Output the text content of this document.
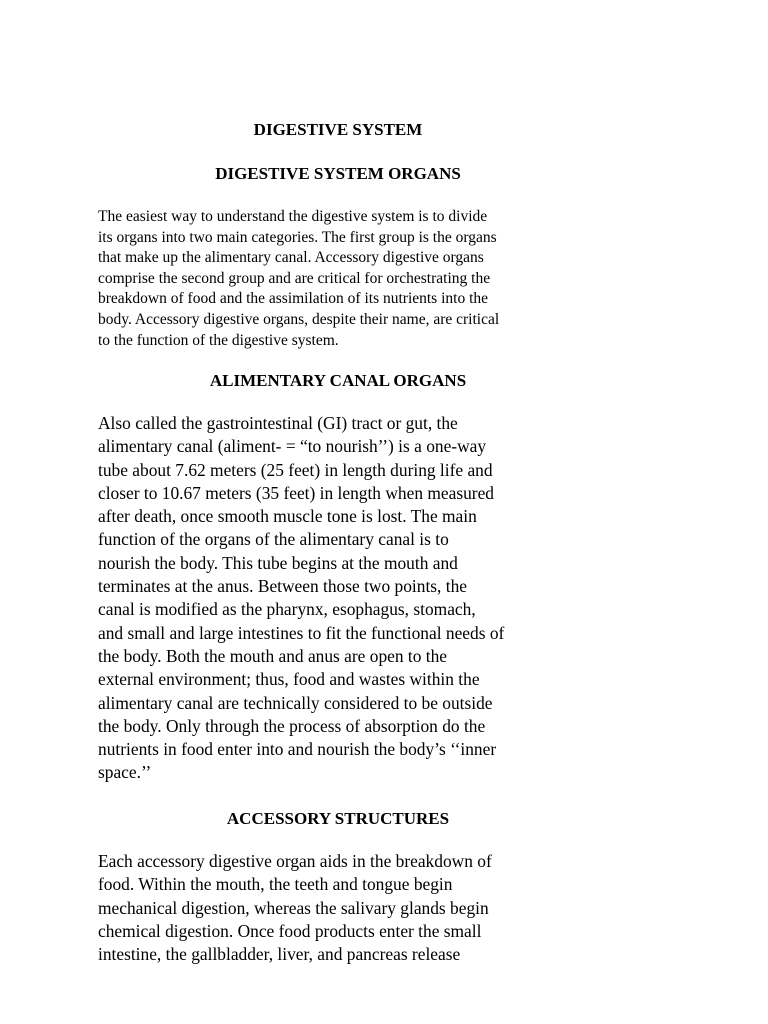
DIGESTIVE SYSTEM
DIGESTIVE SYSTEM ORGANS

The easiest way to understand the digestive system is to divide
its organs into two main categories. The first group is the organs
that make up the alimentary canal. Accessory digestive organs
comprise the second group and are critical for orchestrating the
breakdown of food and the assimilation of its nutrients into the
body. Accessory digestive organs, despite their name, are critical
to the function of the digestive system.

ALIMENTARY CANAL ORGANS

Also called the gastrointestinal (GI) tract or gut, the
alimentary canal (aliment- = “to nourish’’) is a one-way
tube about 7.62 meters (25 feet) in length during life and
closer to 10.67 meters (35 feet) in length when measured
after death, once smooth muscle tone is lost. The main
function of the organs of the alimentary canal is to
nourish the body. This tube begins at the mouth and
terminates at the anus. Between those two points, the
canal is modified as the pharynx, esophagus, stomach,
and small and large intestines to fit the functional needs of
the body. Both the mouth and anus are open to the
external environment; thus, food and wastes within the
alimentary canal are technically considered to be outside
the body. Only through the process of absorption do the
nutrients in food enter into and nourish the body’s ‘‘inner
space.’’

ACCESSORY STRUCTURES

Each accessory digestive organ aids in the breakdown of
food. Within the mouth, the teeth and tongue begin
mechanical digestion, whereas the salivary glands begin
chemical digestion. Once food products enter the small
intestine, the gallbladder, liver, and pancreas release
